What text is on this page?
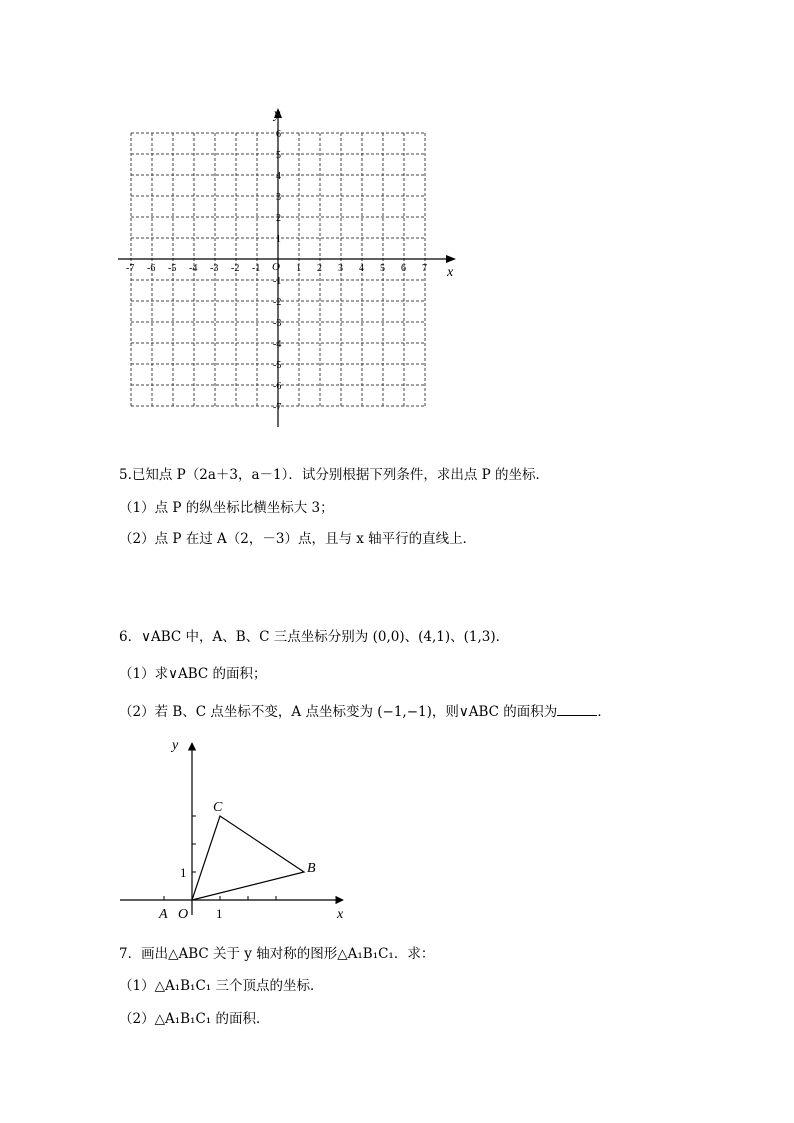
-7 -6 -5 -4 -3 -2 -1	1 2 3 4 5 6 7
6
5
4
3
2
1
-1
-2
-3
-4
-5
-6
-7
y
x
O
5.已知点 P（2a＋3，a－1）．试分别根据下列条件，求出点 P 的坐标．
（1）点 P 的纵坐标比横坐标大 3；
（2）点 P 在过 A（2，－3）点，且与 x 轴平行的直线上．
6．∨ABC 中，A、B、C 三点坐标分别为 (0,0)、(4,1)、(1,3)．
（1）求∨ABC 的面积；
（2）若 B、C 点坐标不变，A 点坐标变为 (−1,−1)，则∨ABC 的面积为	．
y
x
O
A
B
C
1
1
7．画出△ABC 关于 y 轴对称的图形△A₁B₁C₁．求：
（1）△A₁B₁C₁ 三个顶点的坐标．
（2）△A₁B₁C₁ 的面积．
